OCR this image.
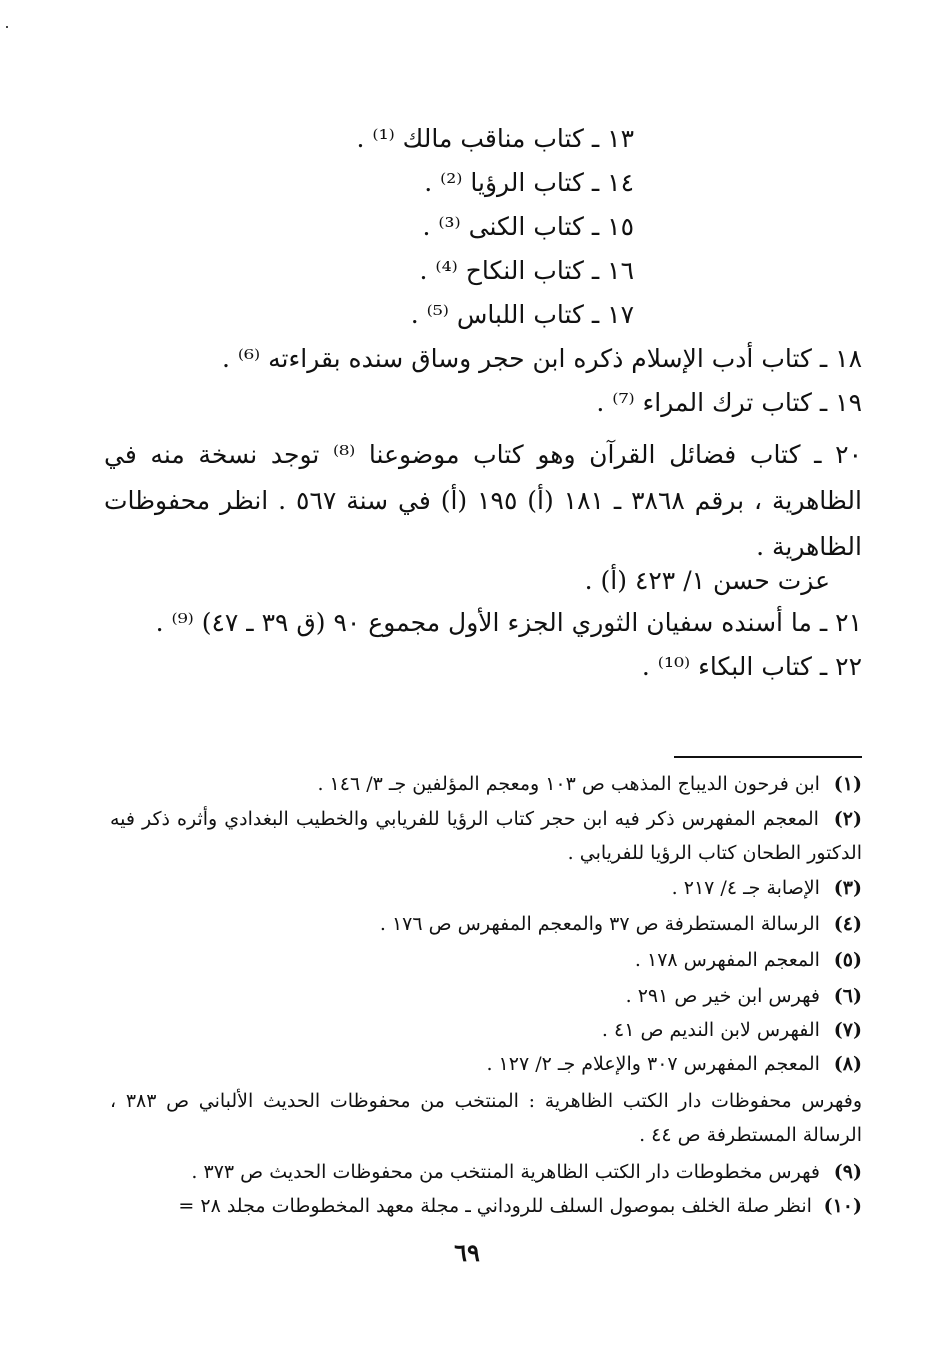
١٣ ـ كتاب مناقب مالك ⁽¹⁾ .
١٤ ـ كتاب الرؤيا ⁽²⁾ .
١٥ ـ كتاب الكنى ⁽³⁾ .
١٦ ـ كتاب النكاح ⁽⁴⁾ .
١٧ ـ كتاب اللباس ⁽⁵⁾ .
١٨ ـ كتاب أدب الإسلام ذكره ابن حجر وساق سنده بقراءته ⁽⁶⁾ .
١٩ ـ كتاب ترك المراء ⁽⁷⁾ .
٢٠ ـ كتاب فضائل القرآن وهو كتاب موضوعنا ⁽⁸⁾ توجد نسخة منه في الظاهرية ، برقم ٣٨٦٨ ـ ١٨١ (أ) ١٩٥ (أ) في سنة ٥٦٧ . انظر محفوظات الظاهرية .
عزت حسن ١/ ٤٢٣ (أ) .
٢١ ـ ما أسنده سفيان الثوري الجزء الأول مجموع ٩٠ (ق ٣٩ ـ ٤٧) ⁽⁹⁾ .
٢٢ ـ كتاب البكاء ⁽¹⁰⁾ .
(١) ابن فرحون الديباج المذهب ص ١٠٣ ومعجم المؤلفين جـ ٣/ ١٤٦ .
(٢) المعجم المفهرس ذكر فيه ابن حجر كتاب الرؤيا للفريابي والخطيب البغدادي وأثره ذكر فيه الدكتور الطحان كتاب الرؤيا للفريابي .
(٣) الإصابة جـ ٤/ ٢١٧ .
(٤) الرسالة المستطرفة ص ٣٧ والمعجم المفهرس ص ١٧٦ .
(٥) المعجم المفهرس ١٧٨ .
(٦) فهرس ابن خير ص ٢٩١ .
(٧) الفهرس لابن النديم ص ٤١ .
(٨) المعجم المفهرس ٣٠٧ والإعلام جـ ٢/ ١٢٧ .
وفهرس محفوظات دار الكتب الظاهرية : المنتخب من محفوظات الحديث الألباني ص ٣٨٣ ، الرسالة المستطرفة ص ٤٤ .
(٩) فهرس مخطوطات دار الكتب الظاهرية المنتخب من محفوظات الحديث ص ٣٧٣ .
(١٠) انظر صلة الخلف بموصول السلف للروداني ـ مجلة معهد المخطوطات مجلد ٢٨ =
٦٩
